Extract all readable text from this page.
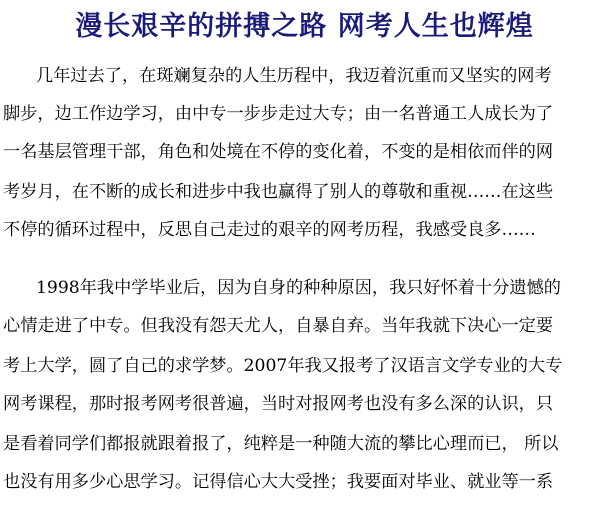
漫长艰辛的拼搏之路 网考人生也辉煌
几年过去了，在斑斓复杂的人生历程中，我迈着沉重而又坚实的网考
脚步，边工作边学习，由中专一步步走过大专；由一名普通工人成长为了
一名基层管理干部，角色和处境在不停的变化着，不变的是相依而伴的网
考岁月，在不断的成长和进步中我也赢得了别人的尊敬和重视……在这些
不停的循环过程中，反思自己走过的艰辛的网考历程，我感受良多……
1998年我中学毕业后，因为自身的种种原因，我只好怀着十分遗憾的
心情走进了中专。但我没有怨天尤人，自暴自弃。当年我就下决心一定要
考上大学，圆了自己的求学梦。2007年我又报考了汉语言文学专业的大专
网考课程，那时报考网考很普遍，当时对报网考也没有多么深的认识，只
是看着同学们都报就跟着报了，纯粹是一种随大流的攀比心理而已， 所以
也没有用多少心思学习。记得信心大大受挫；我要面对毕业、就业等一系
